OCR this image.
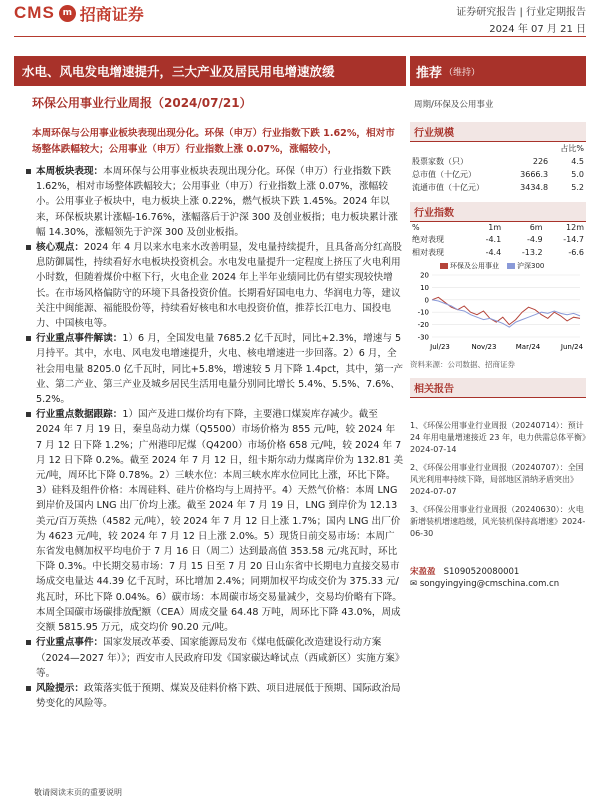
CMS m 招商证券	证券研究报告 | 行业定期报告
2024 年 07 月 21 日
水电、风电发电增速提升，三大产业及居民用电增速放缓	推荐 （维持）
环保公用事业行业周报（2024/07/21）	周期/环保及公用事业
本周环保与公用事业板块表现出现分化。环保（申万）行业指数下跌 1.62%，相对市场整体跌幅较大；公用事业（申万）行业指数上涨 0.07%，涨幅较小，

本周板块表现：本周环保与公用事业板块表现出现分化。环保（申万）行业指数下跌 1.62%，相对市场整体跌幅较大；公用事业（申万）行业指数上涨 0.07%，涨幅较小。公用事业子板块中，电力板块上涨 0.22%，燃气板块下跌 1.45%。2024 年以来，环保板块累计涨幅-16.76%，涨幅落后于沪深 300 及创业板指；电力板块累计涨幅 14.30%，涨幅领先于沪深 300 及创业板指。

核心观点：2024 年 4 月以来水电来水改善明显，发电量持续提升，且具备高分红高股息防御属性，持续看好水电板块投资机会。水电发电量提升一定程度上挤压了火电利用小时数，但随着煤价中枢下行，火电企业 2024 年上半年业绩同比仍有望实现较快增长。在市场风格偏防守的环境下具备投资价值。长期看好国电电力、华润电力等，建议关注中闽能源、福能股份等，持续看好核电和水电投资价值，推荐长江电力、国投电力、中国核电等。

行业重点事件解读：1）6 月，全国发电量 7685.2 亿千瓦时，同比+2.3%，增速与 5 月持平。其中，水电、风电发电增速提升，火电、核电增速进一步回落。2）6 月，全社会用电量 8205.0 亿千瓦时，同比+5.8%，增速较 5 月下降 1.4pct，其中，第一产业、第二产业、第三产业及城乡居民生活用电量分别同比增长 5.4%、5.5%、7.6%、5.2%。

行业重点数据跟踪：1）国产及进口煤价均有下降，主要港口煤炭库存减少。截至 2024 年 7 月 19 日，秦皇岛动力煤（Q5500）市场价格为 855 元/吨，较 2024 年 7 月 12 日下降 1.2%；广州港印尼煤（Q4200）市场价格 658 元/吨，较 2024 年 7 月 12 日下降 0.2%。截至 2024 年 7 月 12 日，纽卡斯尔动力煤离岸价为 132.81 美元/吨，周环比下降 0.78%。2）三峡水位：本周三峡水库水位同比上涨，环比下降。3）硅料及组件价格：本周硅料、硅片价格均与上周持平。4）天然气价格：本周 LNG 到岸价及国内 LNG 出厂价均上涨。截至 2024 年 7 月 19 日，LNG 到岸价为 12.13 美元/百万英热（4582 元/吨），较 2024 年 7 月 12 日上涨 1.7%；国内 LNG 出厂价为 4623 元/吨，较 2024 年 7 月 12 日上涨 2.0%。5）现货日前交易市场：本周广东省发电侧加权平均电价于 7 月 16 日（周二）达到最高值 353.58 元/兆瓦时，环比下降 0.3%。中长期交易市场：7 月 15 日至 7 月 20 日山东省中长期电力直接交易市场成交电量达 44.39 亿千瓦时，环比增加 2.4%；同期加权平均成交价为 375.33 元/兆瓦时，环比下降 0.04%。6）碳市场：本周碳市场交易量减少，交易均价略有下降。本周全国碳市场碳排放配额（CEA）周成交量 64.48 万吨，周环比下降 43.0%，周成交额 5815.95 万元，成交均价 90.20 元/吨。

行业重点事件：国家发展改革委、国家能源局发布《煤电低碳化改造建设行动方案（2024—2027 年）》；西安市人民政府印发《国家碳达峰试点（西咸新区）实施方案》等。

风险提示：政策落实低于预期、煤炭及硅料价格下跌、项目进展低于预期、国际政治局势变化的风险等。

行业规模
		占比%
股票家数（只）	226	4.5
总市值（十亿元）	3666.3	5.0
流通市值（十亿元）	3434.8	5.2
行业指数
%	1m	6m	12m
绝对表现	-4.1	-4.9	-14.7
相对表现	-4.4	-13.2	-6.6
环保及公用事业	沪深300
20
10
0
-10
-20
-30
Jul/23	Nov/23	Mar/24	Jun/24
资料来源：公司数据、招商证券
相关报告

1、《环保公用事业行业周报（20240714）：预计 24 年用电量增速接近 23 年，电力供需总体平衡》2024-07-14

2、《环保公用事业行业周报（20240707）：全国风光利用率持续下降，局部地区消纳矛盾突出》2024-07-07

3、《环保公用事业行业周报（20240630）：火电新增装机增速趋缓，风光装机保持高增速》2024-06-30

宋盈盈 S1090520080001
✉ songyingying@cmschina.com.cn
敬请阅读末页的重要说明
